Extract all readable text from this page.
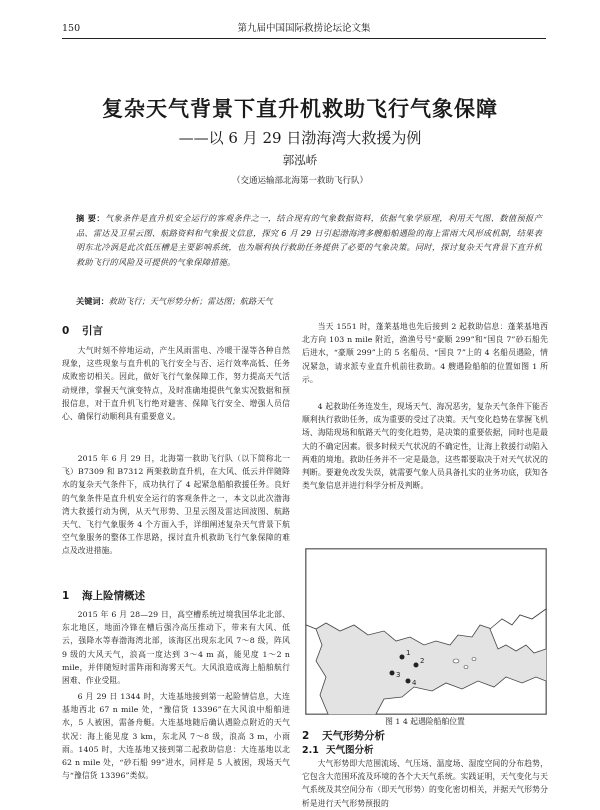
150	第九届中国国际救捞论坛论文集
复杂天气背景下直升机救助飞行气象保障
——以 6 月 29 日渤海湾大救援为例
郭泓峤
（交通运输部北海第一救助飞行队）
摘 要：气象条件是直升机安全运行的客观条件之一，结合现有的气象数据资料，依据气象学原理，利用天气图、数值预报产品、雷达及卫星云图、航路资料和气象报文信息，探究 6 月 29 日引起渤海湾多艘船舶遇险的海上雷雨大风形成机制，结果表明东北冷涡是此次低压槽是主要影响系统，也为顺利执行救助任务提供了必要的气象决策。同时，探讨复杂天气背景下直升机救助飞行的风险及可提供的气象保障措施。
关键词：救助飞行；天气形势分析；雷达图；航路天气
0 引言
大气时刻不停地运动，产生风雨雷电、冷暖干湿等各种自然现象，这些现象与直升机的飞行安全与否、运行效率高低、任务成败密切相关。因此，做好飞行气象保障工作，努力提高天气活动规律，掌握天气演变特点，及时准确地提供气象实况数据和预报信息，对于直升机飞行绝对避害、保障飞行安全、增强人员信心、确保行动顺利具有重要意义。
2015 年 6 月 29 日，北海第一救助飞行队（以下简称北一飞）B7309 和 B7312 两架救助直升机，在大风、低云并伴随降水的复杂天气条件下，成功执行了 4 起紧急船舶救援任务。良好的气象条件是直升机安全运行的客观条件之一，本文以此次渤海湾大救援行动为例，从天气形势、卫星云图及雷达回波图、航路天气、飞行气象服务 4 个方面入手，详细阐述复杂天气背景下航空气象服务的整体工作思路，探讨直升机救助飞行气象保障的难点及改进措施。
1 海上险情概述
2015 年 6 月 28—29 日，高空槽系统过境我国华北北部、东北地区，地面冷锋在槽后强冷高压推动下，带来有大风、低云，强降水等春渤海湾北部，该海区出现东北风 7～8 级，阵风 9 级的大风天气，浪高一度达到 3～4 m 高，能见度 1～2 n mile，并伴随短时雷阵雨和海雾天气。大风浪造成海上船舶航行困难、作业受阻。
6 月 29 日 1344 时，大连基地接到第一起险情信息，大连基地西北 67 n mile 处，“豫信货 13396”在大风浪中船舶进水，5 人被困，需备舟艇。大连基地随后确认遇险点附近的天气状况：海上能见度 3 km，东北风 7～8 级，浪高 3 m，小雨雨。1405 时，大连基地又接到第二起救助信息：大连基地以北 62 n mile 处，“砂石船 99”进水，同样是 5 人被困，现场天气与“豫信货 13396”类似。
当天 1551 时，蓬莱基地也先后接到 2 起救助信息：蓬莱基地西北方向 103 n mile 附近，渔渔号号“豪顺 299”和“国良 7”砂石船先后进水，“豪顺 299”上的 5 名船员、“国良 7”上的 4 名船员遇险，情况紧急，请求派专业直升机前往救助。4 艘遇险船舶的位置如图 1 所示。
4 起救助任务连发生，现场天气、海况恶劣，复杂天气条件下能否顺利执行救助任务，成为重要的受过了决策。天气变化趋势在掌握飞机场、海陆现场和航路天气的变化趋势，是决策的重要依据，同时也是最大的不确定因素。很多时候天气状况的不确定性，让海上救援行动陷入两难的境地。救助任务并不一定是最急，这些都要取决于对天气状况的判断。要避免改发失误，就需要气象人员具备扎实的业务功底，获知各类气象信息并进行科学分析及判断。
1
2
3
4
图 1 4 起遇险船舶位置
2 天气形势分析
2.1 天气图分析
大气形势即大范围流场、气压场、温度场、湿度空间的分布趋势，它包含大范围环流及环境的各个大天气系统。实践证明，天气变化与天气系统及其空间分布（即天气形势）的变化密切相关，并据天气形势分析是进行天气形势预报的
